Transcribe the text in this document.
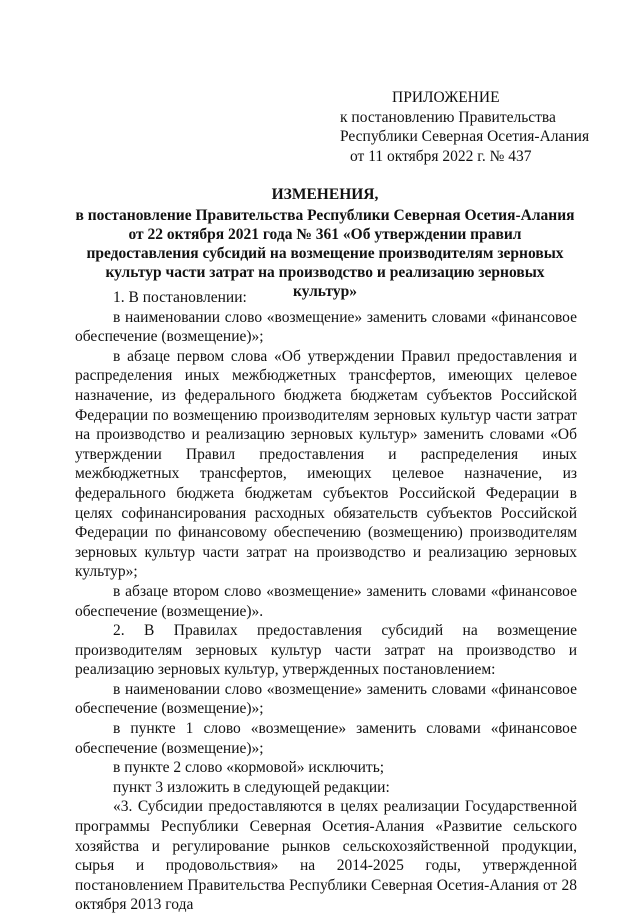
ПРИЛОЖЕНИЕ
к постановлению Правительства
Республики Северная Осетия-Алания
от 11 октября 2022 г. № 437
ИЗМЕНЕНИЯ,
в постановление Правительства Республики Северная Осетия-Алания от 22 октября 2021 года № 361 «Об утверждении правил предоставления субсидий на возмещение производителям зерновых культур части затрат на производство и реализацию зерновых культур»

1. В постановлении:

в наименовании слово «возмещение» заменить словами «финансовое обеспечение (возмещение)»;

в абзаце первом слова «Об утверждении Правил предоставления и распределения иных межбюджетных трансфертов, имеющих целевое назначение, из федерального бюджета бюджетам субъектов Российской Федерации по возмещению производителям зерновых культур части затрат на производство и реализацию зерновых культур» заменить словами «Об утверждении Правил предоставления и распределения иных межбюджетных трансфертов, имеющих целевое назначение, из федерального бюджета бюджетам субъектов Российской Федерации в целях софинансирования расходных обязательств субъектов Российской Федерации по финансовому обеспечению (возмещению) производителям зерновых культур части затрат на производство и реализацию зерновых культур»;

в абзаце втором слово «возмещение» заменить словами «финансовое обеспечение (возмещение)».

2. В Правилах предоставления субсидий на возмещение производителям зерновых культур части затрат на производство и реализацию зерновых культур, утвержденных постановлением:

в наименовании слово «возмещение» заменить словами «финансовое обеспечение (возмещение)»;

в пункте 1 слово «возмещение» заменить словами «финансовое обеспечение (возмещение)»;

в пункте 2 слово «кормовой» исключить;

пункт 3 изложить в следующей редакции:

«3. Субсидии предоставляются в целях реализации Государственной программы Республики Северная Осетия-Алания «Развитие сельского хозяйства и регулирование рынков сельскохозяйственной продукции, сырья и продовольствия» на 2014-2025 годы, утвержденной постановлением Правительства Республики Северная Осетия-Алания от 28 октября 2013 года
